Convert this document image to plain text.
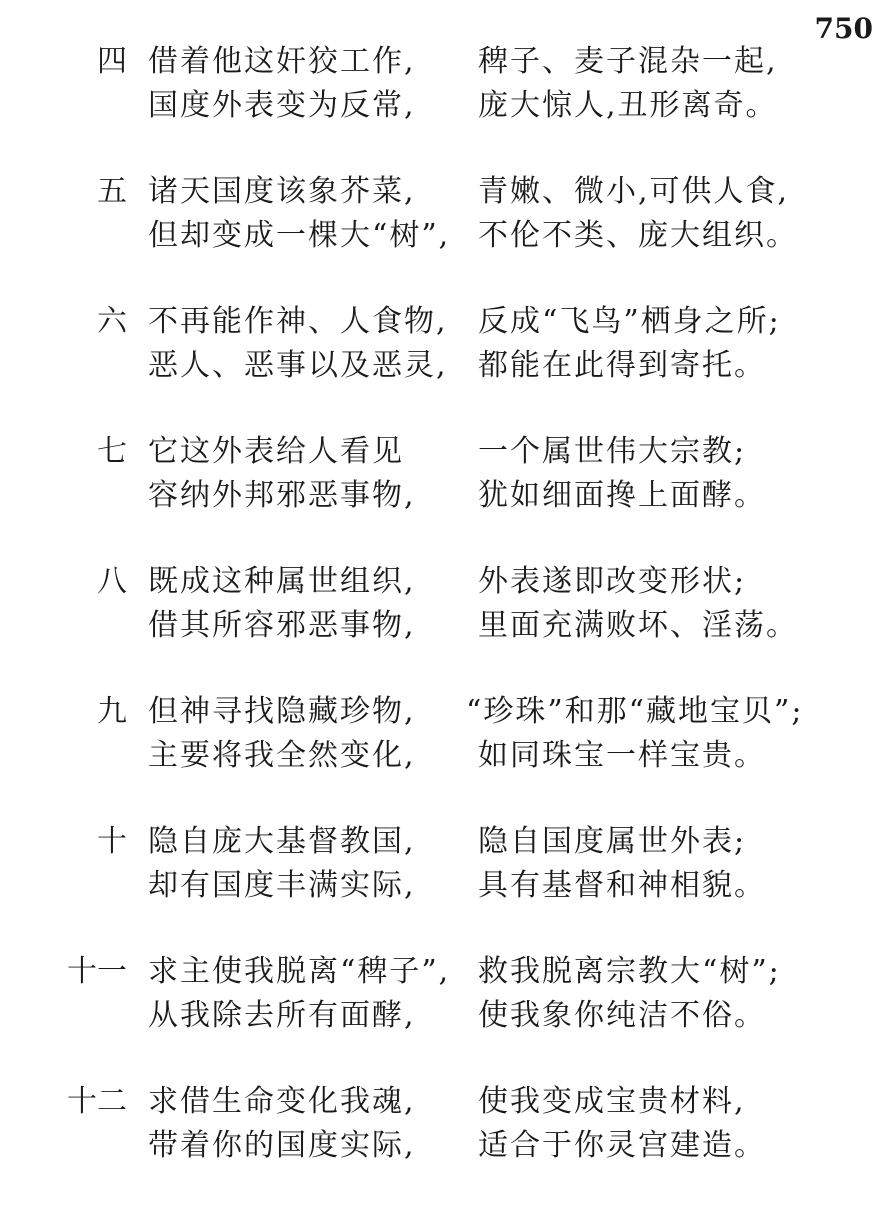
750
四 借着他这奸狡工作, 稗子、麦子混杂一起,
国度外表变为反常, 庞大惊人,丑形离奇。
五 诸天国度该象芥菜, 青嫩、微小,可供人食,
但却变成一棵大“树”, 不伦不类、庞大组织。
六 不再能作神、人食物, 反成“飞鸟”栖身之所;
恶人、恶事以及恶灵, 都能在此得到寄托。
七 它这外表给人看见 一个属世伟大宗教;
容纳外邦邪恶事物, 犹如细面搀上面酵。
八 既成这种属世组织, 外表遂即改变形状;
借其所容邪恶事物, 里面充满败坏、淫荡。
九 但神寻找隐藏珍物, “珍珠”和那“藏地宝贝”;
主要将我全然变化, 如同珠宝一样宝贵。
十 隐自庞大基督教国, 隐自国度属世外表;
却有国度丰满实际, 具有基督和神相貌。
十一 求主使我脱离“稗子”, 救我脱离宗教大“树”;
从我除去所有面酵, 使我象你纯洁不俗。
十二 求借生命变化我魂, 使我变成宝贵材料,
带着你的国度实际, 适合于你灵宫建造。
